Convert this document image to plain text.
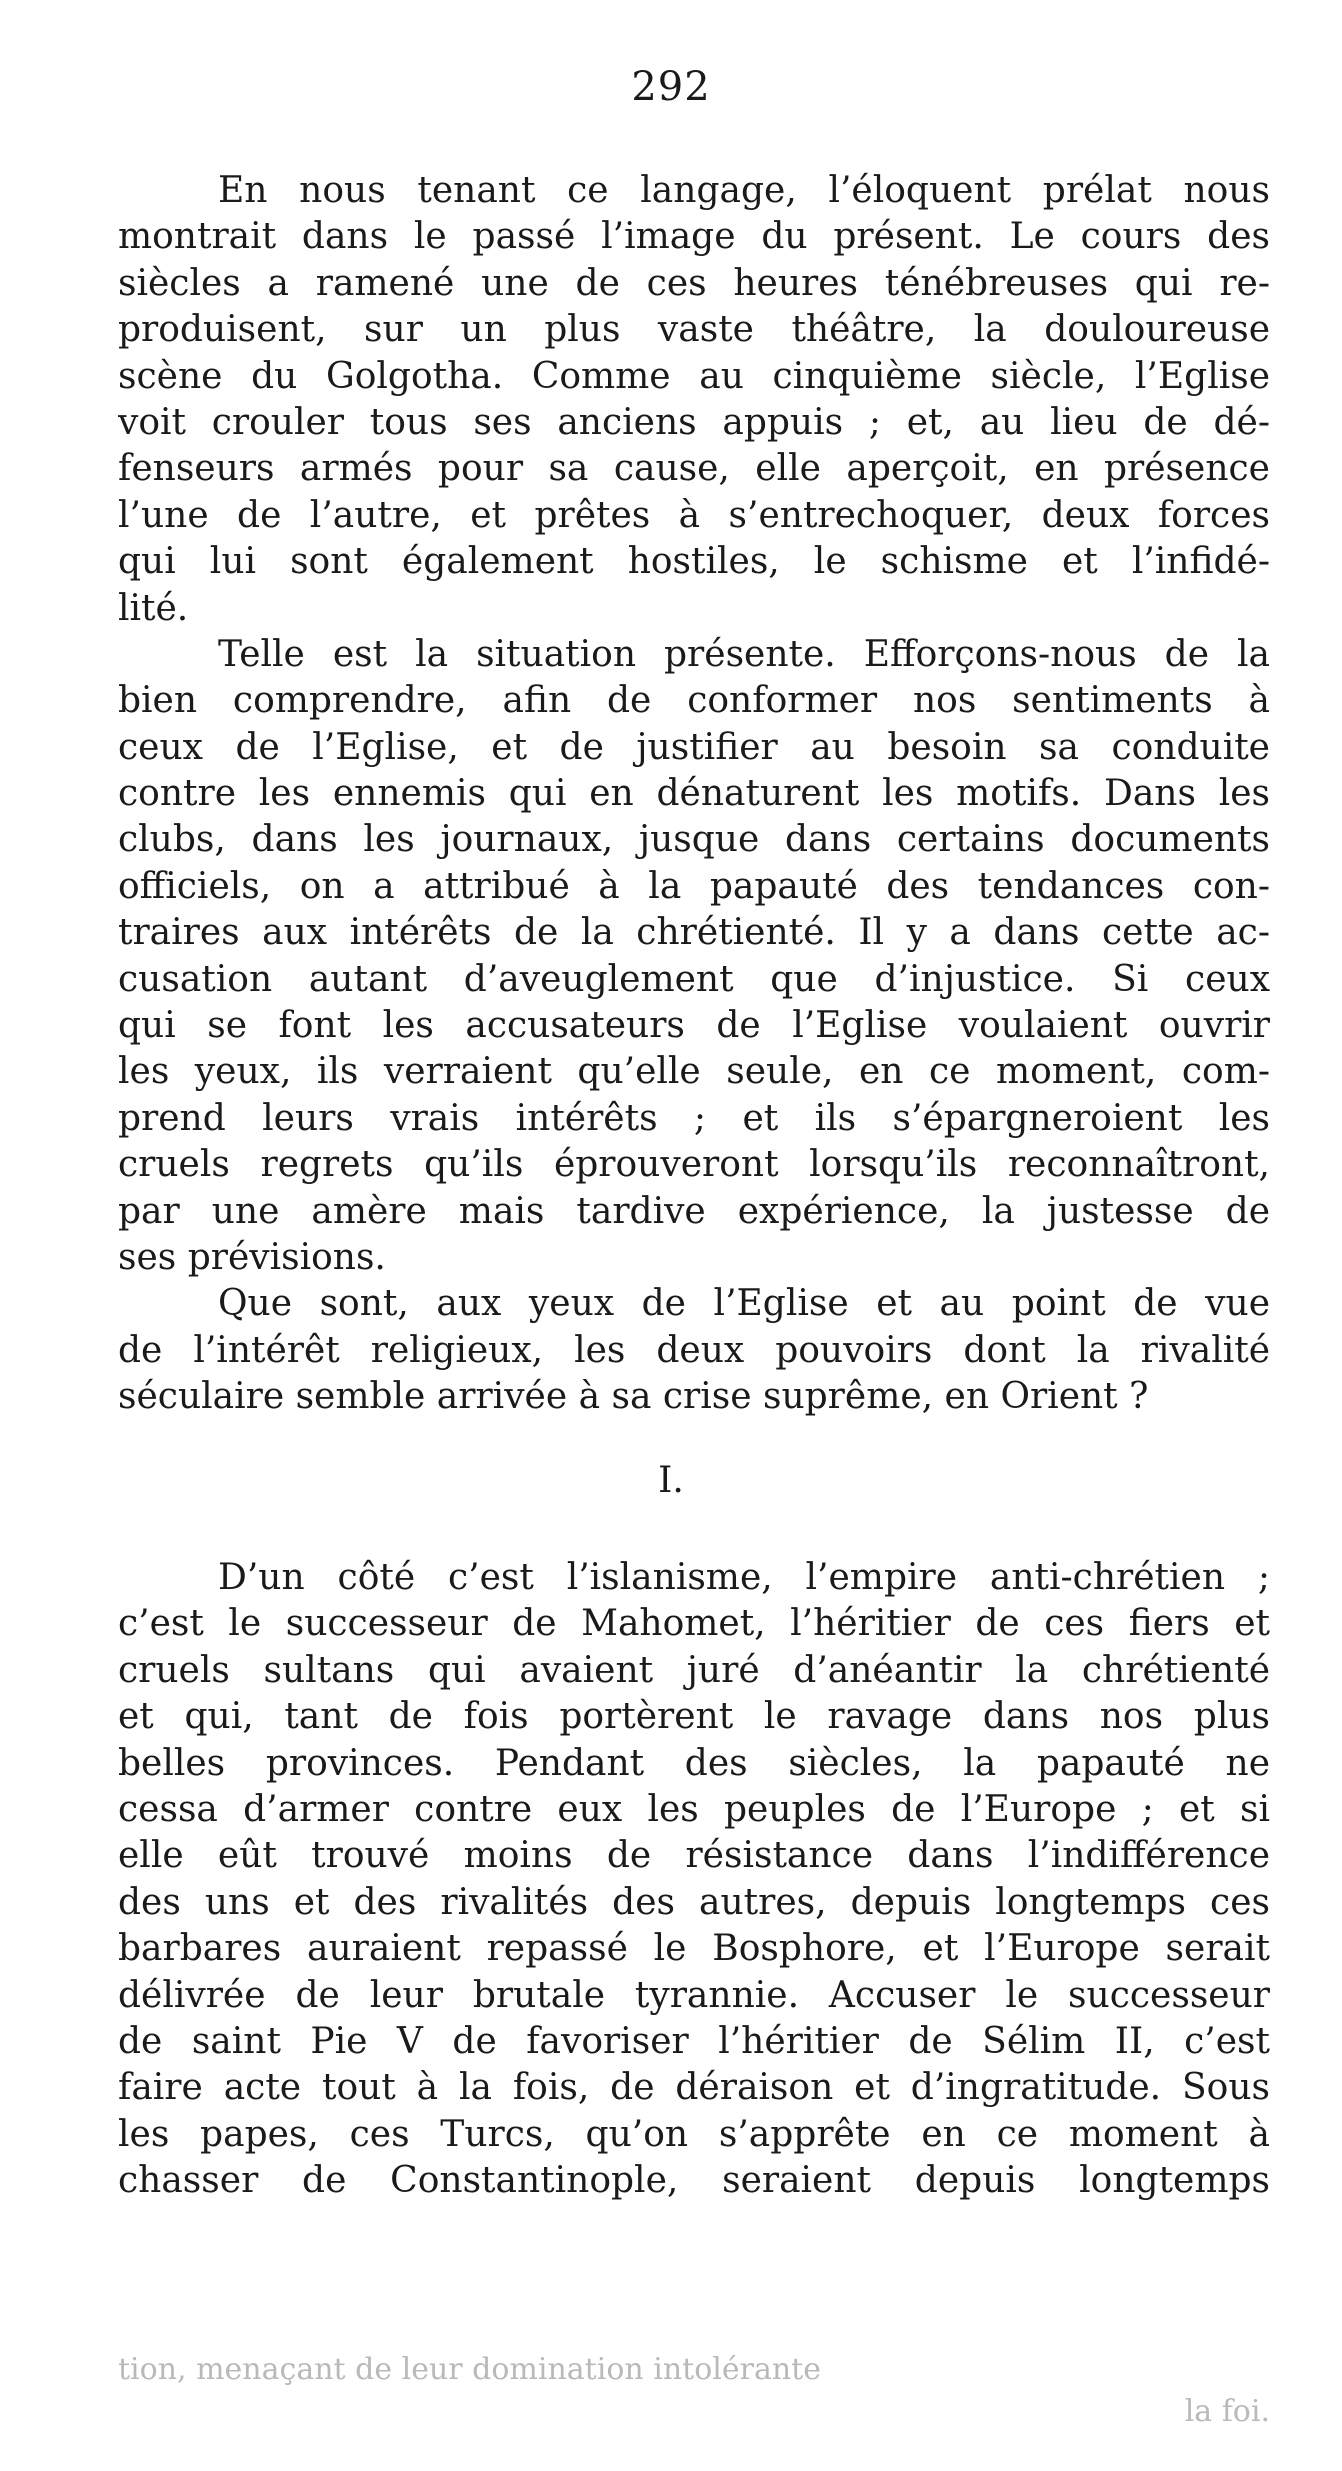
292
En nous tenant ce langage, l’éloquent prélat nous
montrait dans le passé l’image du présent. Le cours des
siècles a ramené une de ces heures ténébreuses qui re-
produisent, sur un plus vaste théâtre, la douloureuse
scène du Golgotha. Comme au cinquième siècle, l’Eglise
voit crouler tous ses anciens appuis ; et, au lieu de dé-
fenseurs armés pour sa cause, elle aperçoit, en présence
l’une de l’autre, et prêtes à s’entrechoquer, deux forces
qui lui sont également hostiles, le schisme et l’infidé-
lité.
Telle est la situation présente. Efforçons-nous de la
bien comprendre, afin de conformer nos sentiments à
ceux de l’Eglise, et de justifier au besoin sa conduite
contre les ennemis qui en dénaturent les motifs. Dans les
clubs, dans les journaux, jusque dans certains documents
officiels, on a attribué à la papauté des tendances con-
traires aux intérêts de la chrétienté. Il y a dans cette ac-
cusation autant d’aveuglement que d’injustice. Si ceux
qui se font les accusateurs de l’Eglise voulaient ouvrir
les yeux, ils verraient qu’elle seule, en ce moment, com-
prend leurs vrais intérêts ; et ils s’épargneroient les
cruels regrets qu’ils éprouveront lorsqu’ils reconnaîtront,
par une amère mais tardive expérience, la justesse de
ses prévisions.
Que sont, aux yeux de l’Eglise et au point de vue
de l’intérêt religieux, les deux pouvoirs dont la rivalité
séculaire semble arrivée à sa crise suprême, en Orient ?
I.
D’un côté c’est l’islanisme, l’empire anti-chrétien ;
c’est le successeur de Mahomet, l’héritier de ces fiers et
cruels sultans qui avaient juré d’anéantir la chrétienté
et qui, tant de fois portèrent le ravage dans nos plus
belles provinces. Pendant des siècles, la papauté ne
cessa d’armer contre eux les peuples de l’Europe ; et si
elle eût trouvé moins de résistance dans l’indifférence
des uns et des rivalités des autres, depuis longtemps ces
barbares auraient repassé le Bosphore, et l’Europe serait
délivrée de leur brutale tyrannie. Accuser le successeur
de saint Pie V de favoriser l’héritier de Sélim II, c’est
faire acte tout à la fois, de déraison et d’ingratitude. Sous
les papes, ces Turcs, qu’on s’apprête en ce moment à
chasser de Constantinople, seraient depuis longtemps
tion, menaçant de leur domination intolérante
la foi.
